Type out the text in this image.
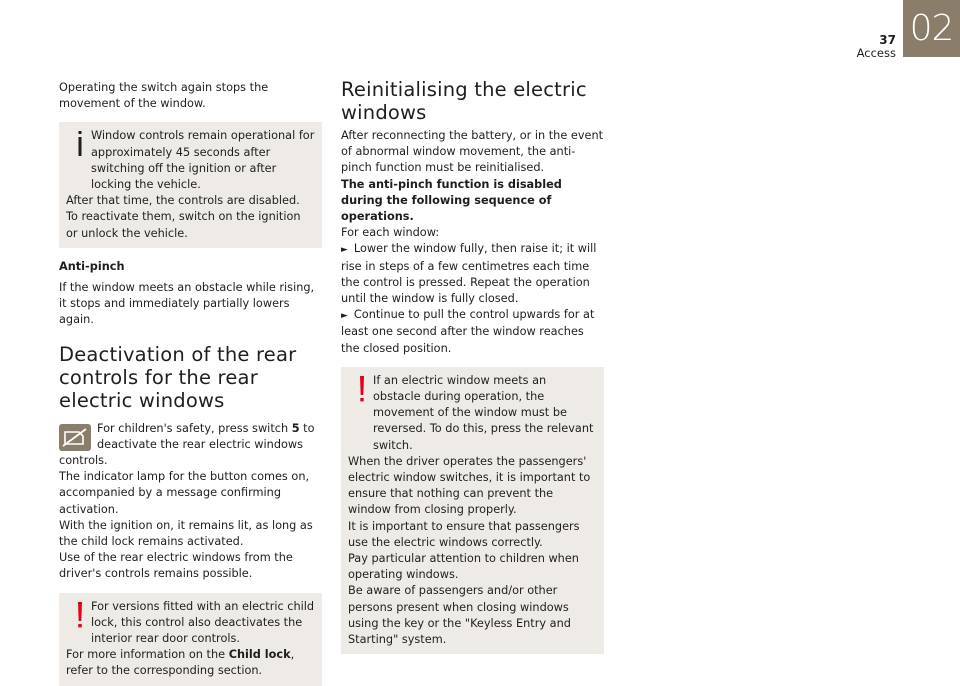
37
Access
02

Operating the switch again stops the movement of the window.

Window controls remain operational for approximately 45 seconds after switching off the ignition or after locking the vehicle.

After that time, the controls are disabled.

To reactivate them, switch on the ignition or unlock the vehicle.

Anti-pinch

If the window meets an obstacle while rising, it stops and immediately partially lowers again.

Deactivation of the rear controls for the rear electric windows

For children's safety, press switch 5 to deactivate the rear electric windows controls.

The indicator lamp for the button comes on, accompanied by a message confirming activation.

With the ignition on, it remains lit, as long as the child lock remains activated.

Use of the rear electric windows from the driver's controls remains possible.

For versions fitted with an electric child lock, this control also deactivates the interior rear door controls.

For more information on the Child lock, refer to the corresponding section.

Reinitialising the electric windows

After reconnecting the battery, or in the event of abnormal window movement, the anti-pinch function must be reinitialised.

The anti-pinch function is disabled during the following sequence of operations.

For each window:

► Lower the window fully, then raise it; it will rise in steps of a few centimetres each time the control is pressed. Repeat the operation until the window is fully closed.

► Continue to pull the control upwards for at least one second after the window reaches the closed position.

If an electric window meets an obstacle during operation, the movement of the window must be reversed. To do this, press the relevant switch.

When the driver operates the passengers' electric window switches, it is important to ensure that nothing can prevent the window from closing properly.

It is important to ensure that passengers use the electric windows correctly.

Pay particular attention to children when operating windows.

Be aware of passengers and/or other persons present when closing windows using the key or the "Keyless Entry and Starting" system.
